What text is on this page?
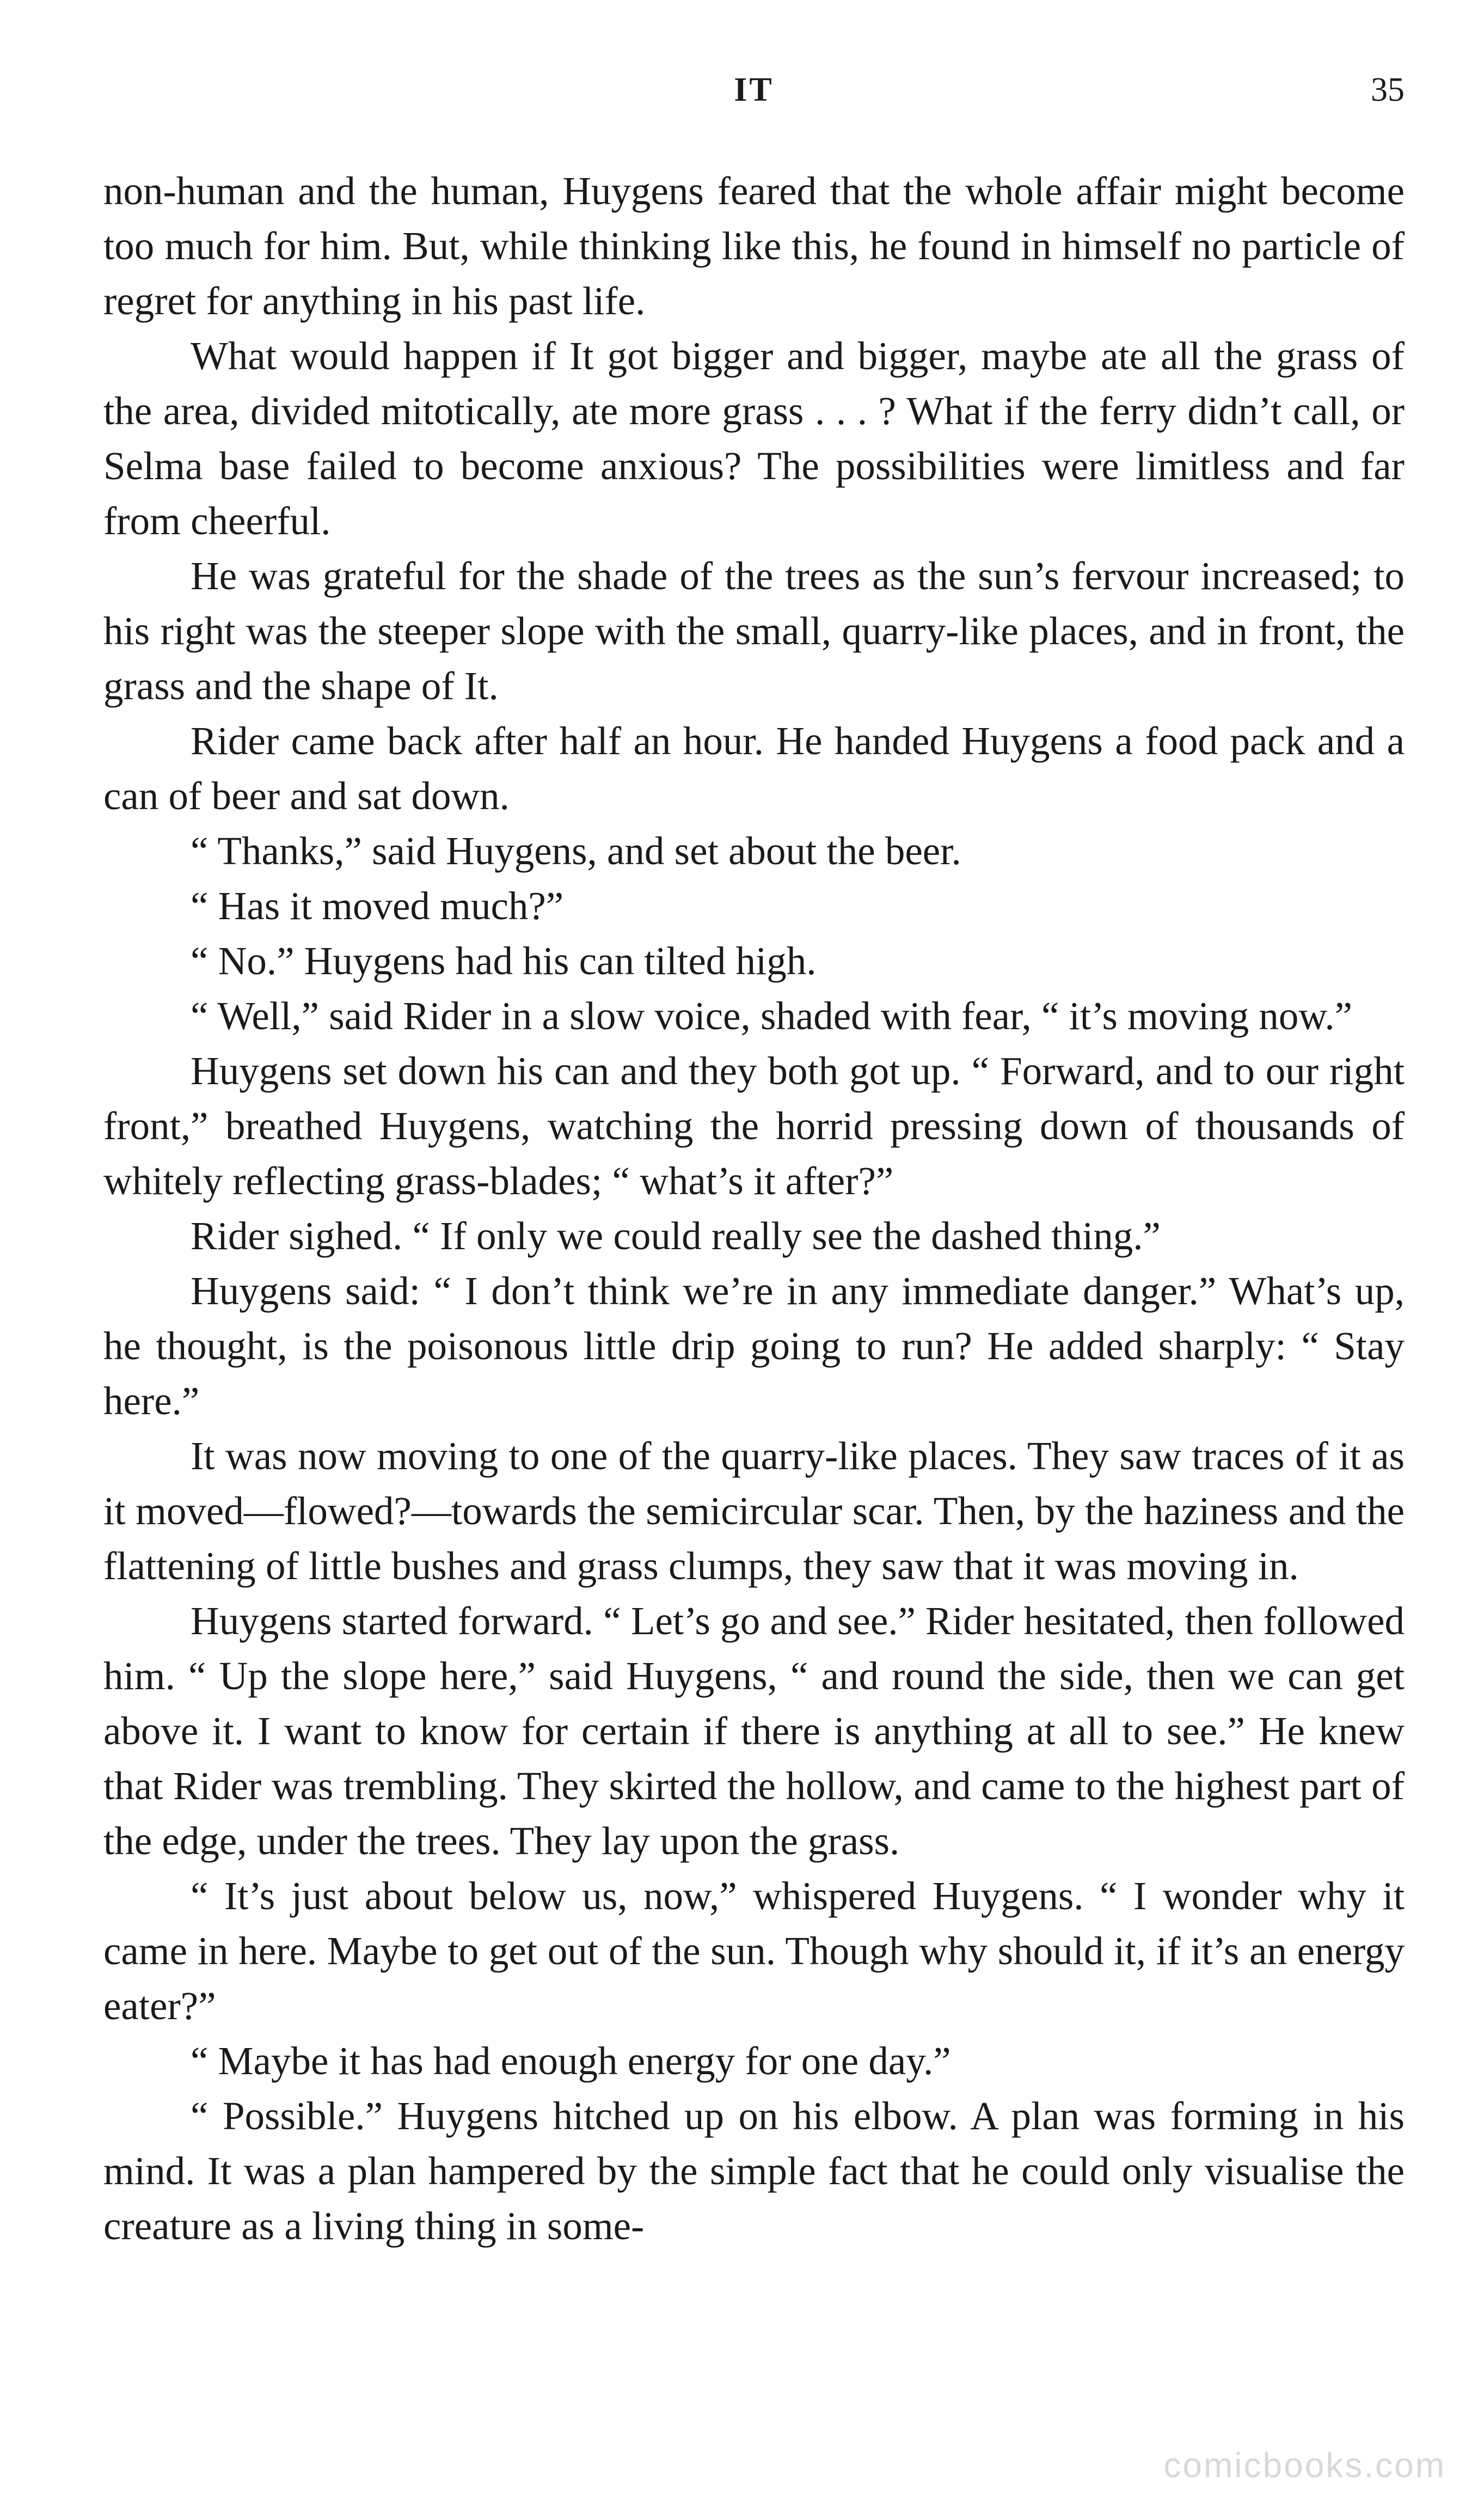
IT	35

non-human and the human, Huygens feared that the whole affair might become too much for him. But, while thinking like this, he found in himself no particle of regret for anything in his past life.

What would happen if It got bigger and bigger, maybe ate all the grass of the area, divided mitotically, ate more grass . . . ? What if the ferry didn’t call, or Selma base failed to become anxious? The possibilities were limitless and far from cheerful.

He was grateful for the shade of the trees as the sun’s fervour increased; to his right was the steeper slope with the small, quarry-like places, and in front, the grass and the shape of It.

Rider came back after half an hour. He handed Huygens a food pack and a can of beer and sat down.

“ Thanks,” said Huygens, and set about the beer.

“ Has it moved much?”

“ No.” Huygens had his can tilted high.

“ Well,” said Rider in a slow voice, shaded with fear, “ it’s moving now.”

Huygens set down his can and they both got up. “ Forward, and to our right front,” breathed Huygens, watching the horrid pressing down of thousands of whitely reflecting grass-blades; “ what’s it after?”

Rider sighed. “ If only we could really see the dashed thing.”

Huygens said: “ I don’t think we’re in any immediate danger.” What’s up, he thought, is the poisonous little drip going to run? He added sharply: “ Stay here.”

It was now moving to one of the quarry-like places. They saw traces of it as it moved—flowed?—towards the semicircular scar. Then, by the haziness and the flattening of little bushes and grass clumps, they saw that it was moving in.

Huygens started forward. “ Let’s go and see.” Rider hesitated, then followed him. “ Up the slope here,” said Huygens, “ and round the side, then we can get above it. I want to know for certain if there is anything at all to see.” He knew that Rider was trembling. They skirted the hollow, and came to the highest part of the edge, under the trees. They lay upon the grass.

“ It’s just about below us, now,” whispered Huygens. “ I wonder why it came in here. Maybe to get out of the sun. Though why should it, if it’s an energy eater?”

“ Maybe it has had enough energy for one day.”

“ Possible.” Huygens hitched up on his elbow. A plan was forming in his mind. It was a plan hampered by the simple fact that he could only visualise the creature as a living thing in some-

comicbooks.com
